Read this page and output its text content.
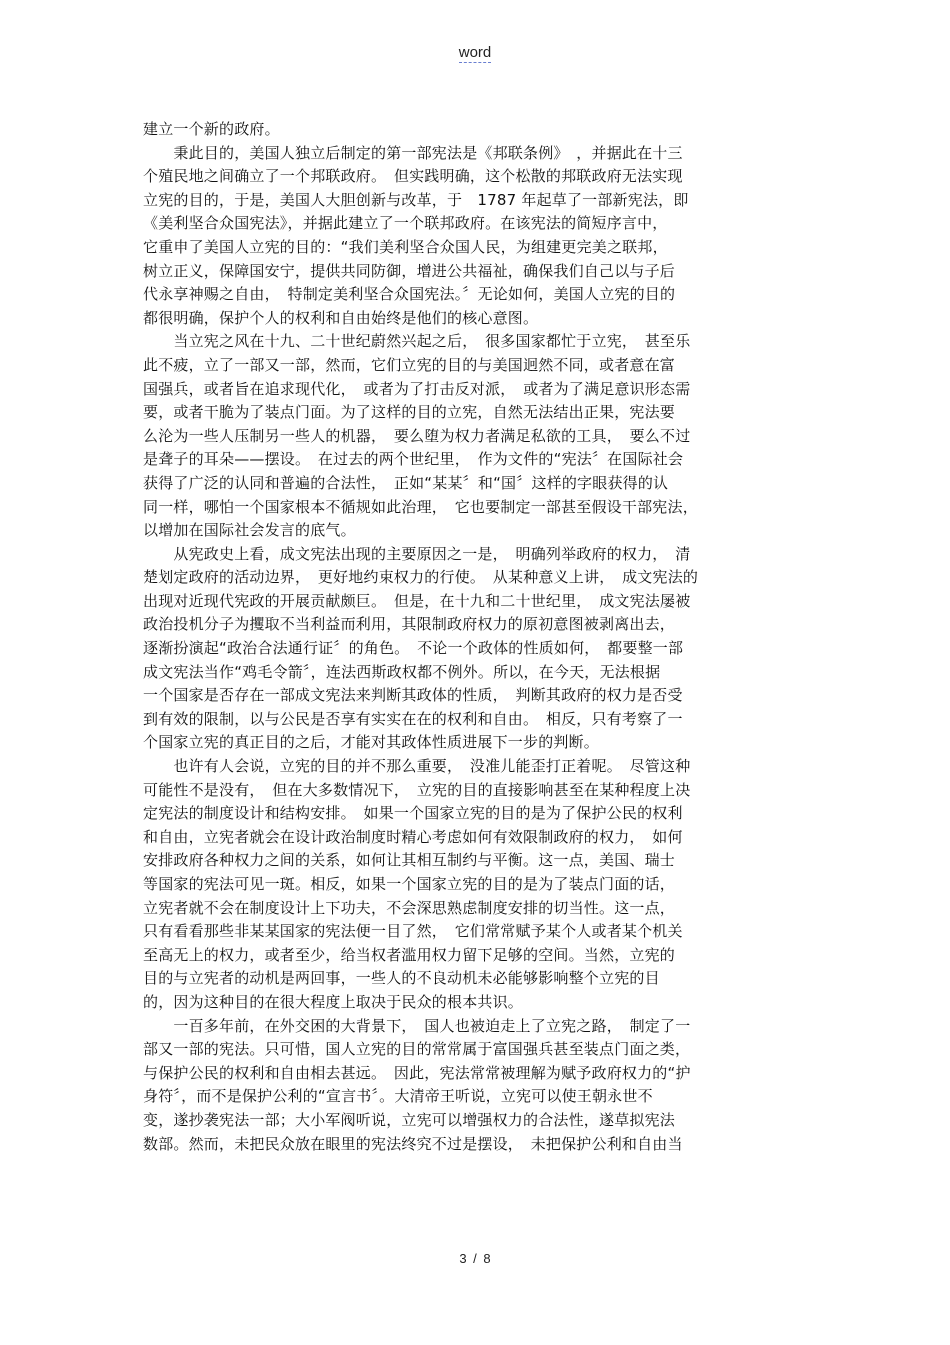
word
建立一个新的政府。
　　秉此目的，美国人独立后制定的第一部宪法是《邦联条例》　，并据此在十三
个殖民地之间确立了一个邦联政府。　但实践明确，这个松散的邦联政府无法实现
立宪的目的，于是，美国人大胆创新与改革，于　1787 年起草了一部新宪法，即
《美利坚合众国宪法》，并据此建立了一个联邦政府。在该宪法的简短序言中，
它重申了美国人立宪的目的：“我们美利坚合众国人民，为组建更完美之联邦，
树立正义，保障国安宁，提供共同防御，增进公共福祉，确保我们自己以与子后
代永享神赐之自由，　特制定美利坚合众国宪法。〞无论如何，美国人立宪的目的
都很明确，保护个人的权利和自由始终是他们的核心意图。
　　当立宪之风在十九、二十世纪蔚然兴起之后，　很多国家都忙于立宪，　甚至乐
此不疲，立了一部又一部，然而，它们立宪的目的与美国迥然不同，或者意在富
国强兵，或者旨在追求现代化，　或者为了打击反对派，　或者为了满足意识形态需
要，或者干脆为了装点门面。为了这样的目的立宪，自然无法结出正果，宪法要
么沦为一些人压制另一些人的机器，　要么堕为权力者满足私欲的工具，　要么不过
是聋子的耳朵——摆设。　在过去的两个世纪里，　作为文件的“宪法〞在国际社会
获得了广泛的认同和普遍的合法性，　正如“某某〞和“国〞这样的字眼获得的认
同一样，哪怕一个国家根本不循规如此治理，　它也要制定一部甚至假设干部宪法，
以增加在国际社会发言的底气。
　　从宪政史上看，成文宪法出现的主要原因之一是，　明确列举政府的权力，　清
楚划定政府的活动边界，　更好地约束权力的行使。　从某种意义上讲，　成文宪法的
出现对近现代宪政的开展贡献颇巨。　但是，在十九和二十世纪里，　成文宪法屡被
政治投机分子为攫取不当利益而利用，其限制政府权力的原初意图被剥离出去，
逐渐扮演起“政治合法通行证〞的角色。　不论一个政体的性质如何，　都要整一部
成文宪法当作“鸡毛令箭〞，连法西斯政权都不例外。所以，在今天，无法根据
一个国家是否存在一部成文宪法来判断其政体的性质，　判断其政府的权力是否受
到有效的限制，以与公民是否享有实实在在的权利和自由。　相反，只有考察了一
个国家立宪的真正目的之后，才能对其政体性质进展下一步的判断。
　　也许有人会说，立宪的目的并不那么重要，　没准儿能歪打正着呢。　尽管这种
可能性不是没有，　但在大多数情况下，　立宪的目的直接影响甚至在某种程度上决
定宪法的制度设计和结构安排。　如果一个国家立宪的目的是为了保护公民的权利
和自由，立宪者就会在设计政治制度时精心考虑如何有效限制政府的权力，　如何
安排政府各种权力之间的关系，如何让其相互制约与平衡。这一点，美国、瑞士
等国家的宪法可见一斑。相反，如果一个国家立宪的目的是为了装点门面的话，
立宪者就不会在制度设计上下功夫，不会深思熟虑制度安排的切当性。这一点，
只有看看那些非某某国家的宪法便一目了然，　它们常常赋予某个人或者某个机关
至高无上的权力，或者至少，给当权者滥用权力留下足够的空间。当然，立宪的
目的与立宪者的动机是两回事，一些人的不良动机未必能够影响整个立宪的目
的，因为这种目的在很大程度上取决于民众的根本共识。
　　一百多年前，在外交困的大背景下，　国人也被迫走上了立宪之路，　制定了一
部又一部的宪法。只可惜，国人立宪的目的常常属于富国强兵甚至装点门面之类，
与保护公民的权利和自由相去甚远。　因此，宪法常常被理解为赋予政府权力的“护
身符〞，而不是保护公利的“宣言书〞。大清帝王听说，立宪可以使王朝永世不
变，遂抄袭宪法一部；大小军阀听说，立宪可以增强权力的合法性，遂草拟宪法
数部。然而，未把民众放在眼里的宪法终究不过是摆设，　未把保护公利和自由当
3 / 8
